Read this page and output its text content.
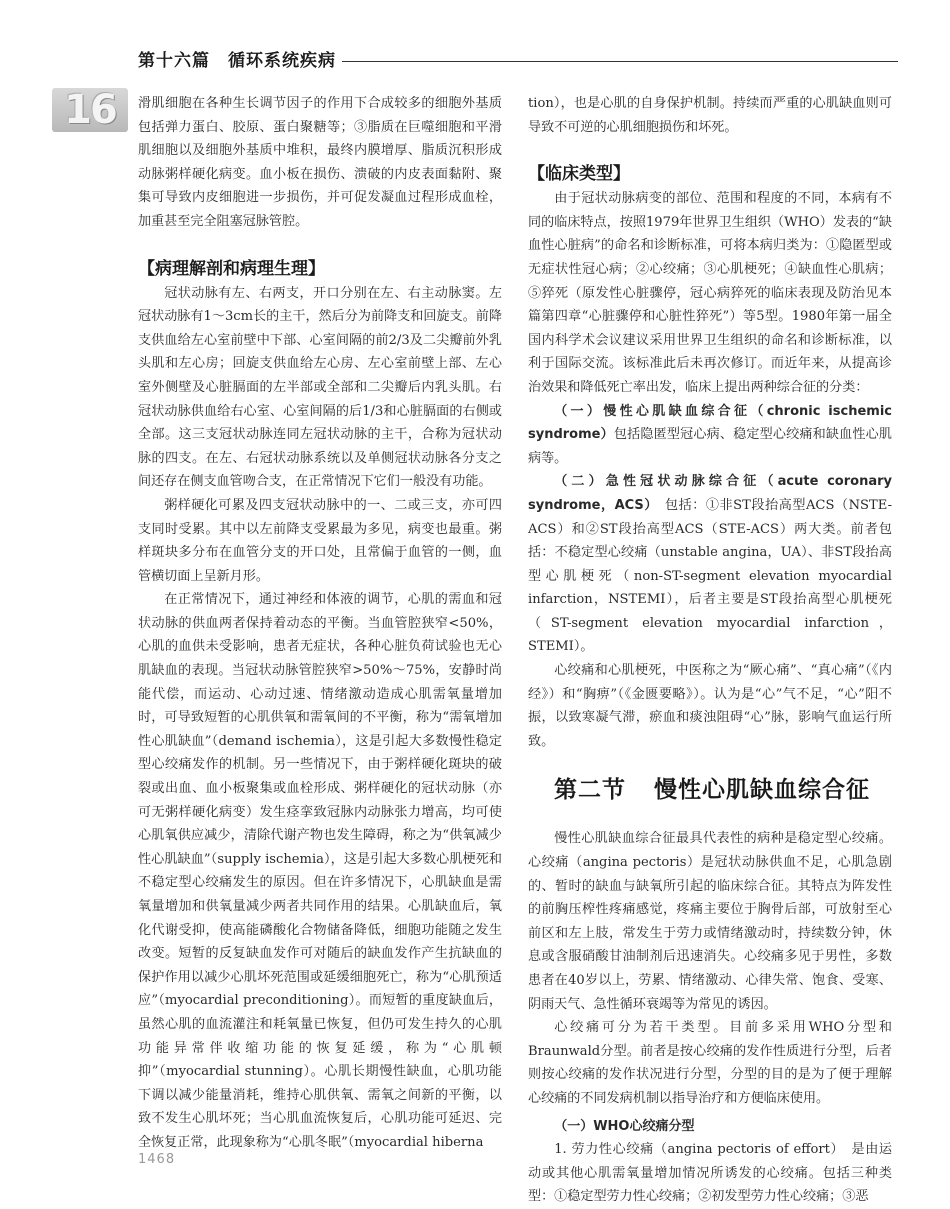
第十六篇　循环系统疾病
16	滑肌细胞在各种生长调节因子的作用下合成较多的细胞外基质包括弹力蛋白、胶原、蛋白聚糖等；③脂质在巨噬细胞和平滑肌细胞以及细胞外基质中堆积，最终内膜增厚、脂质沉积形成动脉粥样硬化病变。血小板在损伤、溃破的内皮表面黏附、聚集可导致内皮细胞进一步损伤，并可促发凝血过程形成血栓，加重甚至完全阻塞冠脉管腔。

【病理解剖和病理生理】

冠状动脉有左、右两支，开口分别在左、右主动脉窦。左冠状动脉有1～3cm长的主干，然后分为前降支和回旋支。前降支供血给左心室前壁中下部、心室间隔的前2/3及二尖瓣前外乳头肌和左心房；回旋支供血给左心房、左心室前壁上部、左心室外侧壁及心脏膈面的左半部或全部和二尖瓣后内乳头肌。右冠状动脉供血给右心室、心室间隔的后1/3和心脏膈面的右侧或全部。这三支冠状动脉连同左冠状动脉的主干，合称为冠状动脉的四支。在左、右冠状动脉系统以及单侧冠状动脉各分支之间还存在侧支血管吻合支，在正常情况下它们一般没有功能。

粥样硬化可累及四支冠状动脉中的一、二或三支，亦可四支同时受累。其中以左前降支受累最为多见，病变也最重。粥样斑块多分布在血管分支的开口处，且常偏于血管的一侧，血管横切面上呈新月形。

在正常情况下，通过神经和体液的调节，心肌的需血和冠状动脉的供血两者保持着动态的平衡。当血管腔狭窄<50%，心肌的血供未受影响，患者无症状，各种心脏负荷试验也无心肌缺血的表现。当冠状动脉管腔狭窄>50%～75%，安静时尚能代偿，而运动、心动过速、情绪激动造成心肌需氧量增加时，可导致短暂的心肌供氧和需氧间的不平衡，称为“需氧增加性心肌缺血”（demand ischemia），这是引起大多数慢性稳定型心绞痛发作的机制。另一些情况下，由于粥样硬化斑块的破裂或出血、血小板聚集或血栓形成、粥样硬化的冠状动脉（亦可无粥样硬化病变）发生痉挛致冠脉内动脉张力增高，均可使心肌氧供应减少，清除代谢产物也发生障碍，称之为“供氧减少性心肌缺血”（supply ischemia），这是引起大多数心肌梗死和不稳定型心绞痛发生的原因。但在许多情况下，心肌缺血是需氧量增加和供氧量减少两者共同作用的结果。心肌缺血后，氧化代谢受抑，使高能磷酸化合物储备降低，细胞功能随之发生改变。短暂的反复缺血发作可对随后的缺血发作产生抗缺血的保护作用以减少心肌坏死范围或延缓细胞死亡，称为“心肌预适应”（myocardial preconditioning）。而短暂的重度缺血后，虽然心肌的血流灌注和耗氧量已恢复，但仍可发生持久的心肌功能异常伴收缩功能的恢复延缓，称为“心肌顿抑”（myocardial stunning）。心肌长期慢性缺血，心肌功能下调以减少能量消耗，维持心肌供氧、需氧之间新的平衡，以致不发生心肌坏死；当心肌血流恢复后，心肌功能可延迟、完全恢复正常，此现象称为“心肌冬眠”（myocardial hiberna

tion），也是心肌的自身保护机制。持续而严重的心肌缺血则可导致不可逆的心肌细胞损伤和坏死。

【临床类型】

由于冠状动脉病变的部位、范围和程度的不同，本病有不同的临床特点，按照1979年世界卫生组织（WHO）发表的“缺血性心脏病”的命名和诊断标准，可将本病归类为：①隐匿型或无症状性冠心病；②心绞痛；③心肌梗死；④缺血性心肌病；⑤猝死（原发性心脏骤停，冠心病猝死的临床表现及防治见本篇第四章“心脏骤停和心脏性猝死”）等5型。1980年第一届全国内科学术会议建议采用世界卫生组织的命名和诊断标准，以利于国际交流。该标准此后未再次修订。而近年来，从提高诊治效果和降低死亡率出发，临床上提出两种综合征的分类：

（一）慢性心肌缺血综合征（chronic ischemic syndrome）包括隐匿型冠心病、稳定型心绞痛和缺血性心肌病等。

（二）急性冠状动脉综合征（acute coronary syndrome，ACS）　 包括：①非ST段抬高型ACS（NSTE-ACS）和②ST段抬高型ACS（STE-ACS）两大类。前者包括：不稳定型心绞痛（unstable angina，UA）、非ST段抬高型心肌梗死（non-ST-segment elevation myocardial infarction，NSTEMI），后者主要是ST段抬高型心肌梗死（ST-segment elevation myocardial infarction，STEMI）。

心绞痛和心肌梗死，中医称之为“厥心痛”、“真心痛”（《内经》）和“胸痹”（《金匮要略》）。认为是“心”气不足，“心”阳不振，以致寒凝气滞，瘀血和痰浊阻碍“心”脉，影响气血运行所致。

第二节 慢性心肌缺血综合征

慢性心肌缺血综合征最具代表性的病种是稳定型心绞痛。心绞痛（angina pectoris）是冠状动脉供血不足，心肌急剧的、暂时的缺血与缺氧所引起的临床综合征。其特点为阵发性的前胸压榨性疼痛感觉，疼痛主要位于胸骨后部，可放射至心前区和左上肢，常发生于劳力或情绪激动时，持续数分钟，休息或含服硝酸甘油制剂后迅速消失。心绞痛多见于男性，多数患者在40岁以上，劳累、情绪激动、心律失常、饱食、受寒、阴雨天气、急性循环衰竭等为常见的诱因。

心绞痛可分为若干类型。目前多采用WHO分型和Braunwald分型。前者是按心绞痛的发作性质进行分型，后者则按心绞痛的发作状况进行分型，分型的目的是为了便于理解心绞痛的不同发病机制以指导治疗和方便临床使用。

（一）WHO心绞痛分型

1. 劳力性心绞痛（angina pectoris of effort）　 是由运动或其他心肌需氧量增加情况所诱发的心绞痛。包括三种类型：①稳定型劳力性心绞痛；②初发型劳力性心绞痛；③恶

1468
